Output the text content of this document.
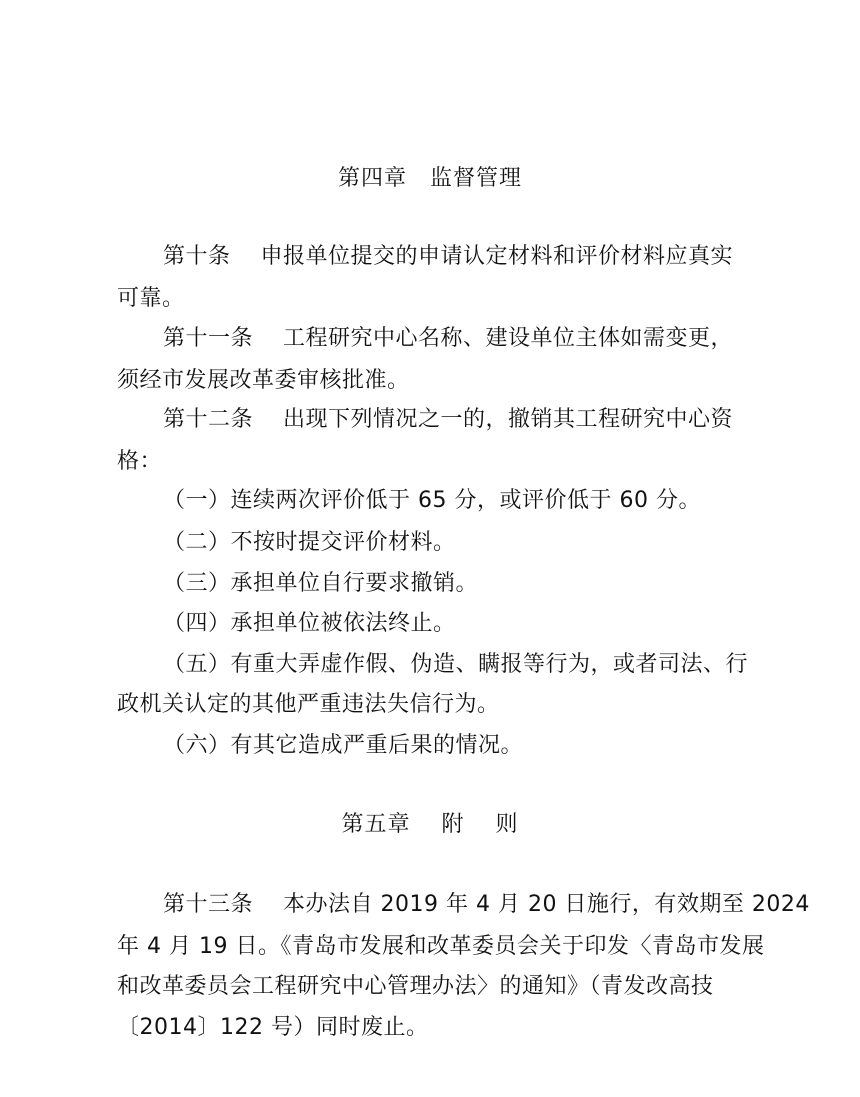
第四章　监督管理
第十条　 申报单位提交的申请认定材料和评价材料应真实
可靠。
第十一条　 工程研究中心名称、建设单位主体如需变更，
须经市发展改革委审核批准。
第十二条　 出现下列情况之一的，撤销其工程研究中心资
格：
（一）连续两次评价低于 65 分，或评价低于 60 分。
（二）不按时提交评价材料。
（三）承担单位自行要求撤销。
（四）承担单位被依法终止。
（五）有重大弄虚作假、伪造、瞒报等行为，或者司法、行
政机关认定的其他严重违法失信行为。
（六）有其它造成严重后果的情况。
第五章　 附　 则
第十三条　 本办法自 2019 年 4 月 20 日施行，有效期至 2024
年 4 月 19 日。《青岛市发展和改革委员会关于印发〈青岛市发展
和改革委员会工程研究中心管理办法〉的通知》（青发改高技
〔2014〕122 号）同时废止。
